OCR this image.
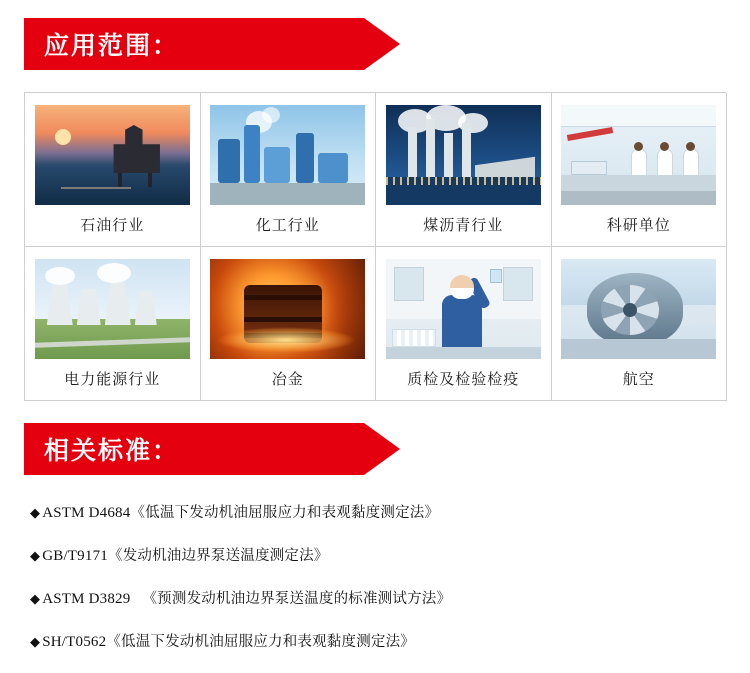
应用范围：
石油行业	化工行业	煤沥青行业	科研单位
电力能源行业	冶金	质检及检验检疫	航空
相关标准：
◆ ASTM D4684 《低温下发动机油屈服应力和表观黏度测定法》
◆ GB/T9171 《发动机油边界泵送温度测定法》
◆ ASTM D3829 《预测发动机油边界泵送温度的标准测试方法》
◆ SH/T0562 《低温下发动机油屈服应力和表观黏度测定法》
